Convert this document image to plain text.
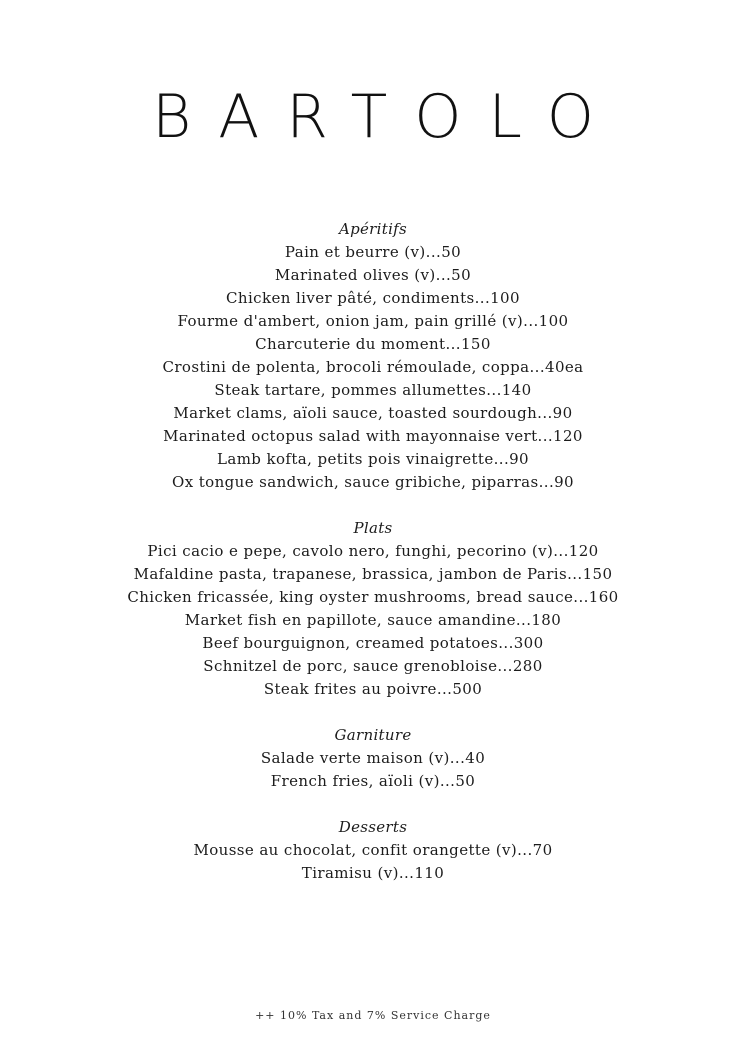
BARTOLO
Apéritifs
Pain et beurre (v)...50
Marinated olives (v)...50
Chicken liver pâté, condiments...100
Fourme d'ambert, onion jam, pain grillé (v)...100
Charcuterie du moment...150
Crostini de polenta, brocoli rémoulade, coppa...40ea
Steak tartare, pommes allumettes...140
Market clams, aïoli sauce, toasted sourdough...90
Marinated octopus salad with mayonnaise vert...120
Lamb kofta, petits pois vinaigrette...90
Ox tongue sandwich, sauce gribiche, piparras...90
Plats
Pici cacio e pepe, cavolo nero, funghi, pecorino (v)...120
Mafaldine pasta, trapanese, brassica, jambon de Paris...150
Chicken fricassée, king oyster mushrooms, bread sauce...160
Market fish en papillote, sauce amandine...180
Beef bourguignon, creamed potatoes...300
Schnitzel de porc, sauce grenobloise...280
Steak frites au poivre...500
Garniture
Salade verte maison (v)...40
French fries, aïoli (v)...50
Desserts
Mousse au chocolat, confit orangette (v)...70
Tiramisu (v)...110
++ 10% Tax and 7% Service Charge
